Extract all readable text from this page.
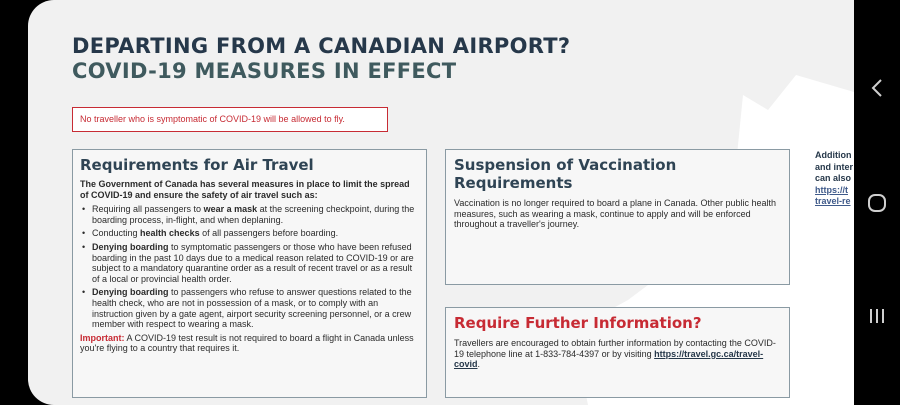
DEPARTING FROM A CANADIAN AIRPORT?
COVID-19 MEASURES IN EFFECT
No traveller who is symptomatic of COVID-19 will be allowed to fly.
Requirements for Air Travel

The Government of Canada has several measures in place to limit the spread of COVID-19 and ensure the safety of air travel such as:

• Requiring all passengers to wear a mask at the screening checkpoint, during the boarding process, in-flight, and when deplaning.
• Conducting health checks of all passengers before boarding.
• Denying boarding to symptomatic passengers or those who have been refused boarding in the past 10 days due to a medical reason related to COVID-19 or are subject to a mandatory quarantine order as a result of recent travel or as a result of a local or provincial health order.
• Denying boarding to passengers who refuse to answer questions related to the health check, who are not in possession of a mask, or to comply with an instruction given by a gate agent, airport security screening personnel, or a crew member with respect to wearing a mask.

Important: A COVID-19 test result is not required to board a flight in Canada unless you're flying to a country that requires it.

Suspension of Vaccination Requirements

Vaccination is no longer required to board a plane in Canada. Other public health measures, such as wearing a mask, continue to apply and will be enforced throughout a traveller's journey.

Require Further Information?

Travellers are encouraged to obtain further information by contacting the COVID-19 telephone line at 1-833-784-4397 or by visiting https://travel.gc.ca/travel-covid.

Addition
and inter
can also
https://t
travel-re
